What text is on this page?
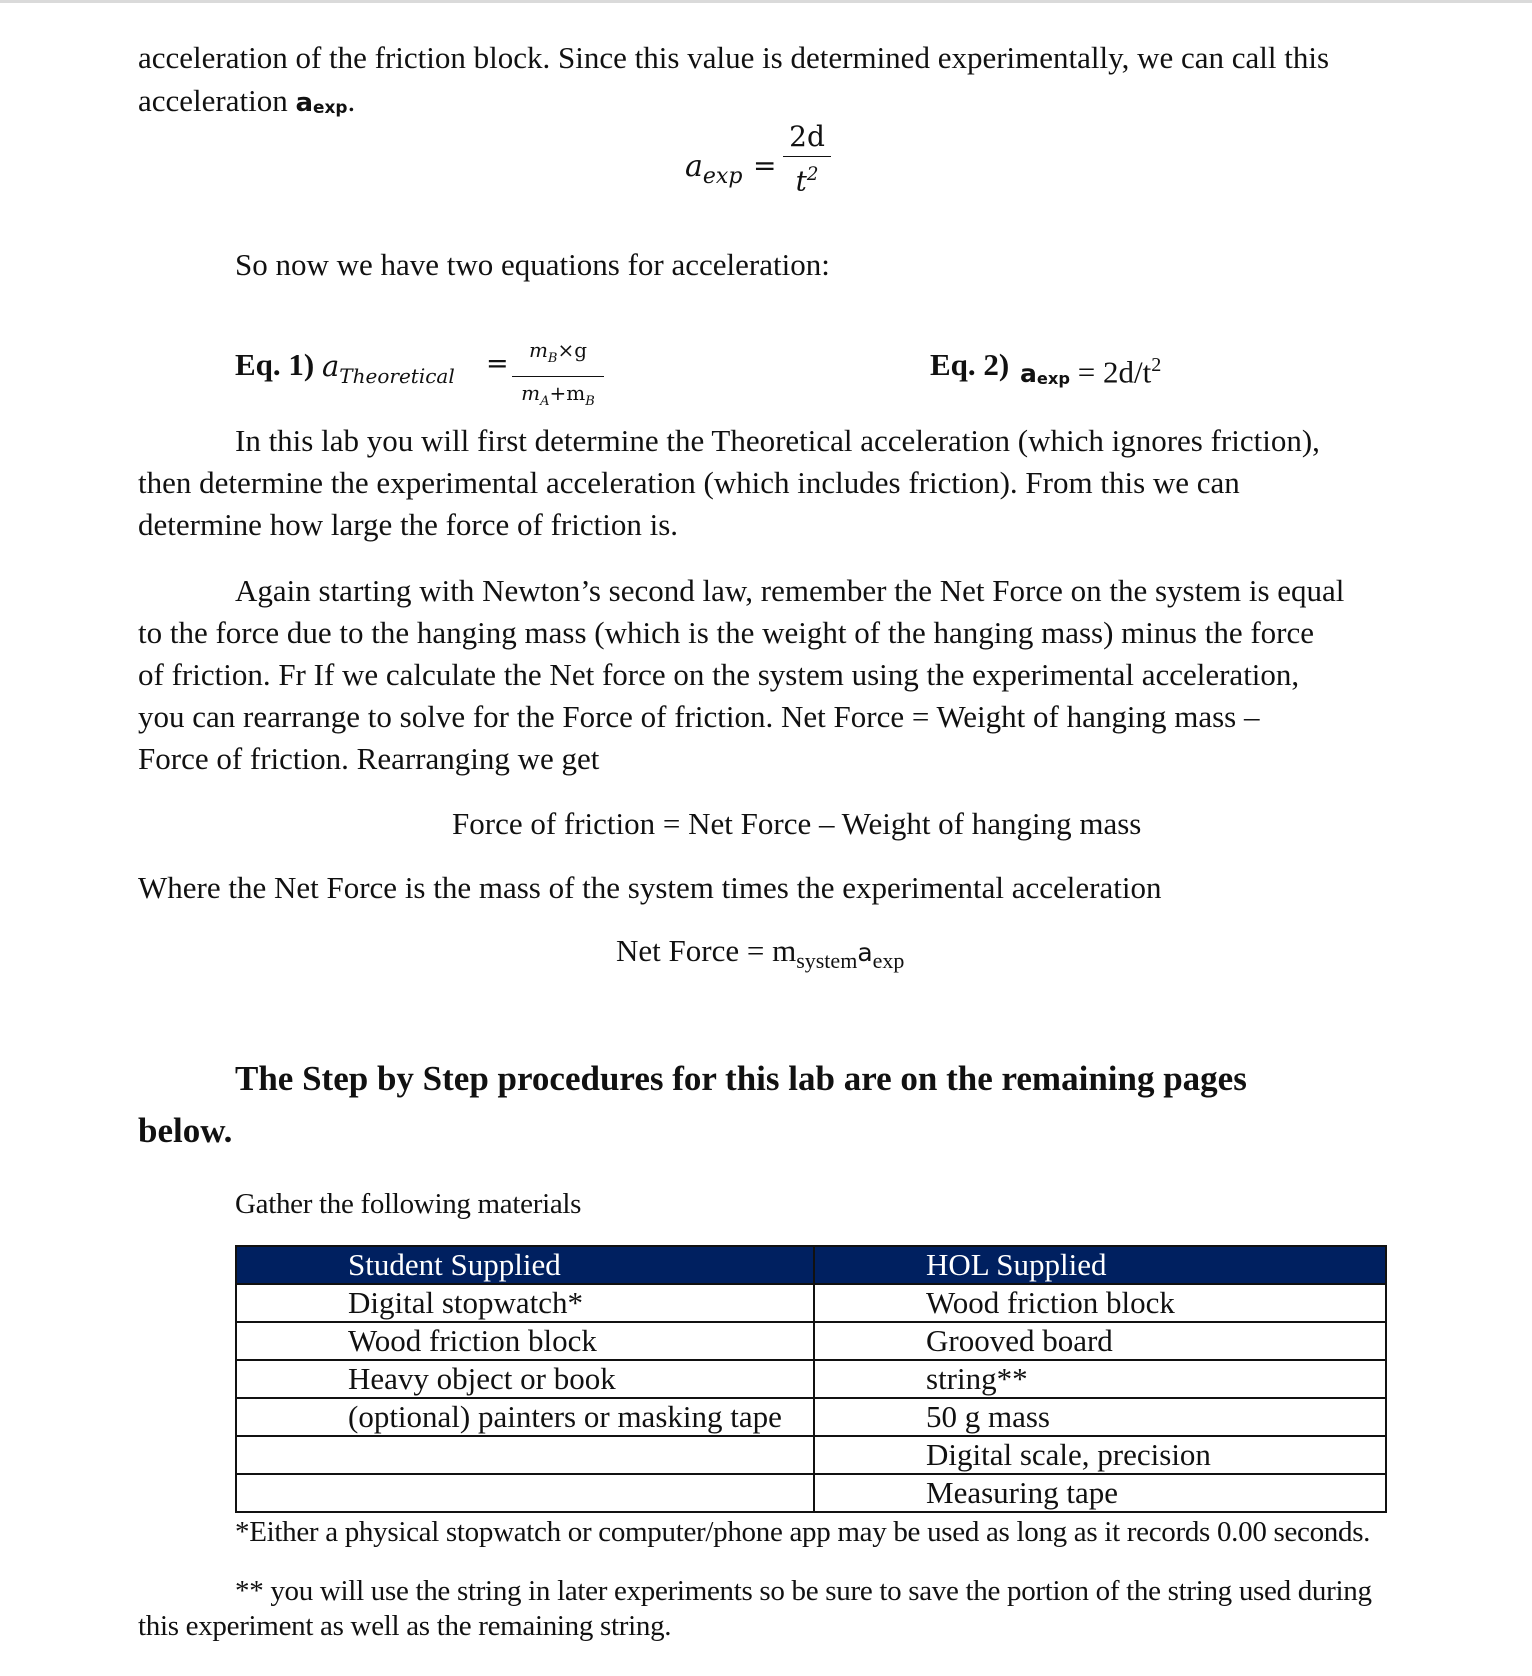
acceleration of the friction block. Since this value is determined experimentally, we can call this
acceleration $a_{exp}$.
$a_{exp}$ =
2d
$t^2$
So now we have two equations for acceleration:
Eq. 1) $a_{Theoretical}$ =	$m_B\times g$
$m_A+m_B$
Eq. 2) $a_{exp} = 2d/t^2$
In this lab you will first determine the Theoretical acceleration (which ignores friction),
then determine the experimental acceleration (which includes friction). From this we can
determine how large the force of friction is.
Again starting with Newton’s second law, remember the Net Force on the system is equal
to the force due to the hanging mass (which is the weight of the hanging mass) minus the force
of friction. Fr If we calculate the Net force on the system using the experimental acceleration,
you can rearrange to solve for the Force of friction. Net Force = Weight of hanging mass –
Force of friction. Rearranging we get
Force of friction = Net Force – Weight of hanging mass
Where the Net Force is the mass of the system times the experimental acceleration
Net Force = $m_{system}a_{exp}$
The Step by Step procedures for this lab are on the remaining pages
below.
Gather the following materials
Student Supplied	HOL Supplied
Digital stopwatch*	Wood friction block
Wood friction block	Grooved board
Heavy object or book	string**
(optional) painters or masking tape	50 g mass
	Digital scale, precision
	Measuring tape
*Either a physical stopwatch or computer/phone app may be used as long as it records 0.00 seconds.
** you will use the string in later experiments so be sure to save the portion of the string used during
this experiment as well as the remaining string.
